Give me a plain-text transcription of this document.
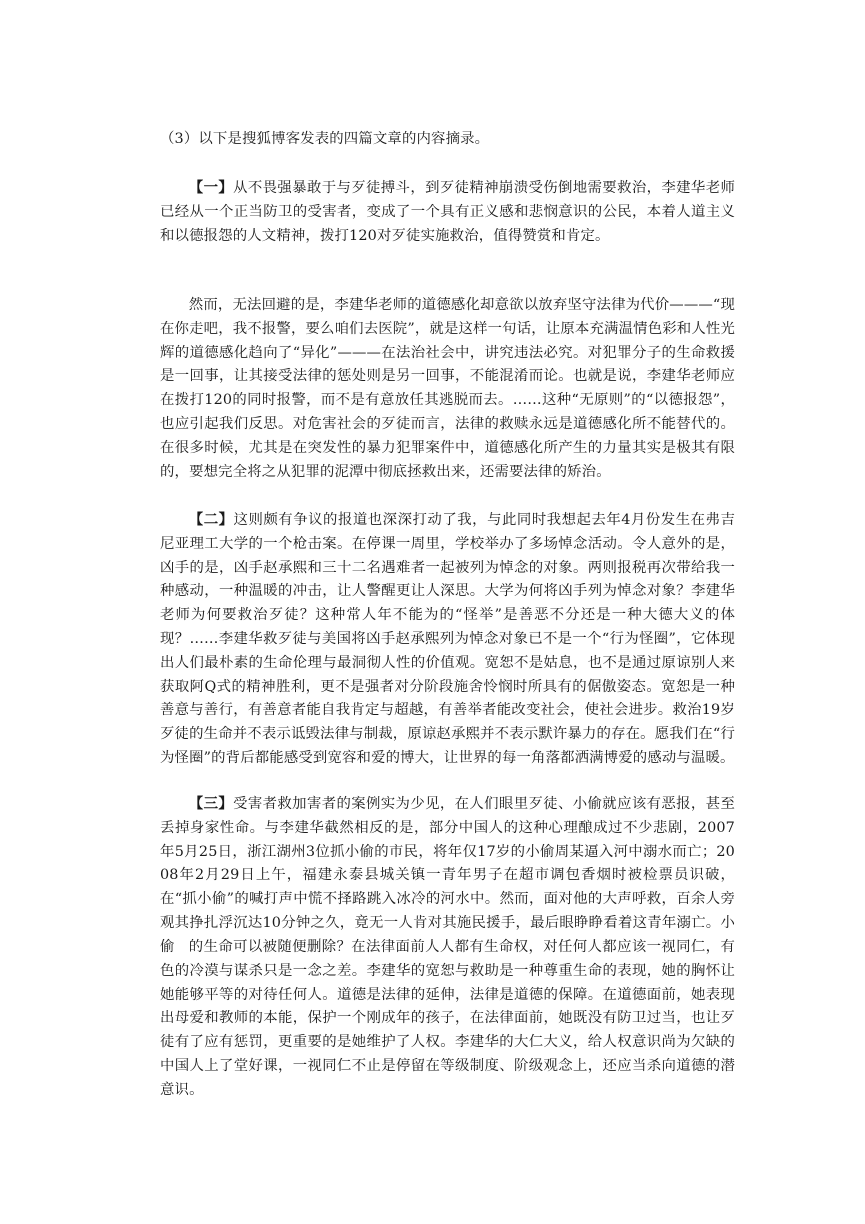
（3）以下是搜狐博客发表的四篇文章的内容摘录。

【一】从不畏强暴敢于与歹徒搏斗，到歹徒精神崩溃受伤倒地需要救治，李建华老师已经从一个正当防卫的受害者，变成了一个具有正义感和悲悯意识的公民，本着人道主义和以德报怨的人文精神，拨打120对歹徒实施救治，值得赞赏和肯定。

然而，无法回避的是，李建华老师的道德感化却意欲以放弃坚守法律为代价———“现在你走吧，我不报警，要么咱们去医院”，就是这样一句话，让原本充满温情色彩和人性光辉的道德感化趋向了“异化”———在法治社会中，讲究违法必究。对犯罪分子的生命救援是一回事，让其接受法律的惩处则是另一回事，不能混淆而论。也就是说，李建华老师应在拨打120的同时报警，而不是有意放任其逃脱而去。……这种“无原则”的“以德报怨”，也应引起我们反思。对危害社会的歹徒而言，法律的救赎永远是道德感化所不能替代的。在很多时候，尤其是在突发性的暴力犯罪案件中，道德感化所产生的力量其实是极其有限的，要想完全将之从犯罪的泥潭中彻底拯救出来，还需要法律的矫治。

【二】这则颇有争议的报道也深深打动了我，与此同时我想起去年4月份发生在弗吉尼亚理工大学的一个枪击案。在停课一周里，学校举办了多场悼念活动。令人意外的是，凶手的是，凶手赵承熙和三十二名遇难者一起被列为悼念的对象。两则报税再次带给我一种感动，一种温暖的冲击，让人警醒更让人深思。大学为何将凶手列为悼念对象？李建华老师为何要救治歹徒？这种常人年不能为的“怪举”是善恶不分还是一种大德大义的体现？……李建华救歹徒与美国将凶手赵承熙列为悼念对象已不是一个“行为怪圈”，它体现出人们最朴素的生命伦理与最洞彻人性的价值观。宽恕不是姑息，也不是通过原谅别人来获取阿Q式的精神胜利，更不是强者对分阶段施舍怜悯时所具有的倨傲姿态。宽恕是一种善意与善行，有善意者能自我肯定与超越，有善举者能改变社会，使社会进步。救治19岁歹徒的生命并不表示诋毁法律与制裁，原谅赵承熙并不表示默许暴力的存在。愿我们在“行为怪圈”的背后都能感受到宽容和爱的博大，让世界的每一角落都洒满博爱的感动与温暖。

【三】受害者救加害者的案例实为少见，在人们眼里歹徒、小偷就应该有恶报，甚至丢掉身家性命。与李建华截然相反的是，部分中国人的这种心理酿成过不少悲剧，2007年5月25日，浙江湖州3位抓小偷的市民，将年仅17岁的小偷周某逼入河中溺水而亡；2008年2月29日上午，福建永泰县城关镇一青年男子在超市调包香烟时被检票员识破，在“抓小偷”的喊打声中慌不择路跳入冰冷的河水中。然而，面对他的大声呼救，百余人旁观其挣扎浮沉达10分钟之久，竟无一人肯对其施民援手，最后眼睁睁看着这青年溺亡。小偷 的生命可以被随便删除？在法律面前人人都有生命权，对任何人都应该一视同仁，有色的冷漠与谋杀只是一念之差。李建华的宽恕与救助是一种尊重生命的表现，她的胸怀让她能够平等的对待任何人。道德是法律的延伸，法律是道德的保障。在道德面前，她表现出母爱和教师的本能，保护一个刚成年的孩子，在法律面前，她既没有防卫过当，也让歹徒有了应有惩罚，更重要的是她维护了人权。李建华的大仁大义，给人权意识尚为欠缺的中国人上了堂好课，一视同仁不止是停留在等级制度、阶级观念上，还应当杀向道德的潜意识。
